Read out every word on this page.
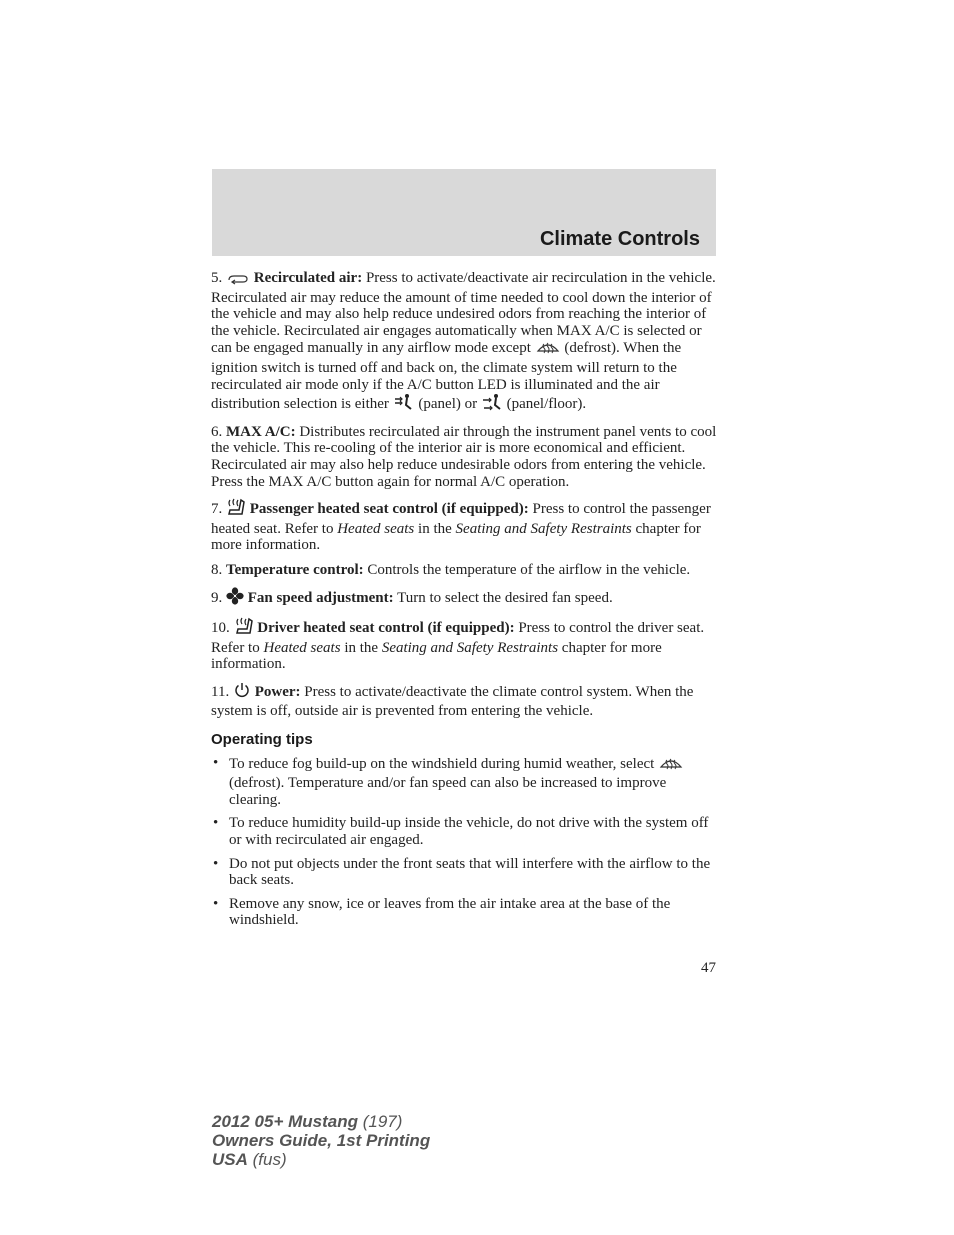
Climate Controls

5. Recirculated air: Press to activate/deactivate air recirculation in the vehicle. Recirculated air may reduce the amount of time needed to cool down the interior of the vehicle and may also help reduce undesired odors from reaching the interior of the vehicle. Recirculated air engages automatically when MAX A/C is selected or can be engaged manually in any airflow mode except  (defrost). When the ignition switch is turned off and back on, the climate system will return to the recirculated air mode only if the A/C button LED is illuminated and the air distribution selection is either  (panel) or  (panel/floor).

6. MAX A/C: Distributes recirculated air through the instrument panel vents to cool the vehicle. This re-cooling of the interior air is more economical and efficient. Recirculated air may also help reduce undesirable odors from entering the vehicle. Press the MAX A/C button again for normal A/C operation.

7. Passenger heated seat control (if equipped): Press to control the passenger heated seat. Refer to Heated seats in the Seating and Safety Restraints chapter for more information.

8. Temperature control: Controls the temperature of the airflow in the vehicle.

9. Fan speed adjustment: Turn to select the desired fan speed.

10. Driver heated seat control (if equipped): Press to control the driver seat. Refer to Heated seats in the Seating and Safety Restraints chapter for more information.

11. Power: Press to activate/deactivate the climate control system. When the system is off, outside air is prevented from entering the vehicle.

Operating tips
• To reduce fog build-up on the windshield during humid weather, select  (defrost). Temperature and/or fan speed can also be increased to improve clearing.
• To reduce humidity build-up inside the vehicle, do not drive with the system off or with recirculated air engaged.
• Do not put objects under the front seats that will interfere with the airflow to the back seats.
• Remove any snow, ice or leaves from the air intake area at the base of the windshield.
47
2012 05+ Mustang (197)
Owners Guide, 1st Printing
USA (fus)
